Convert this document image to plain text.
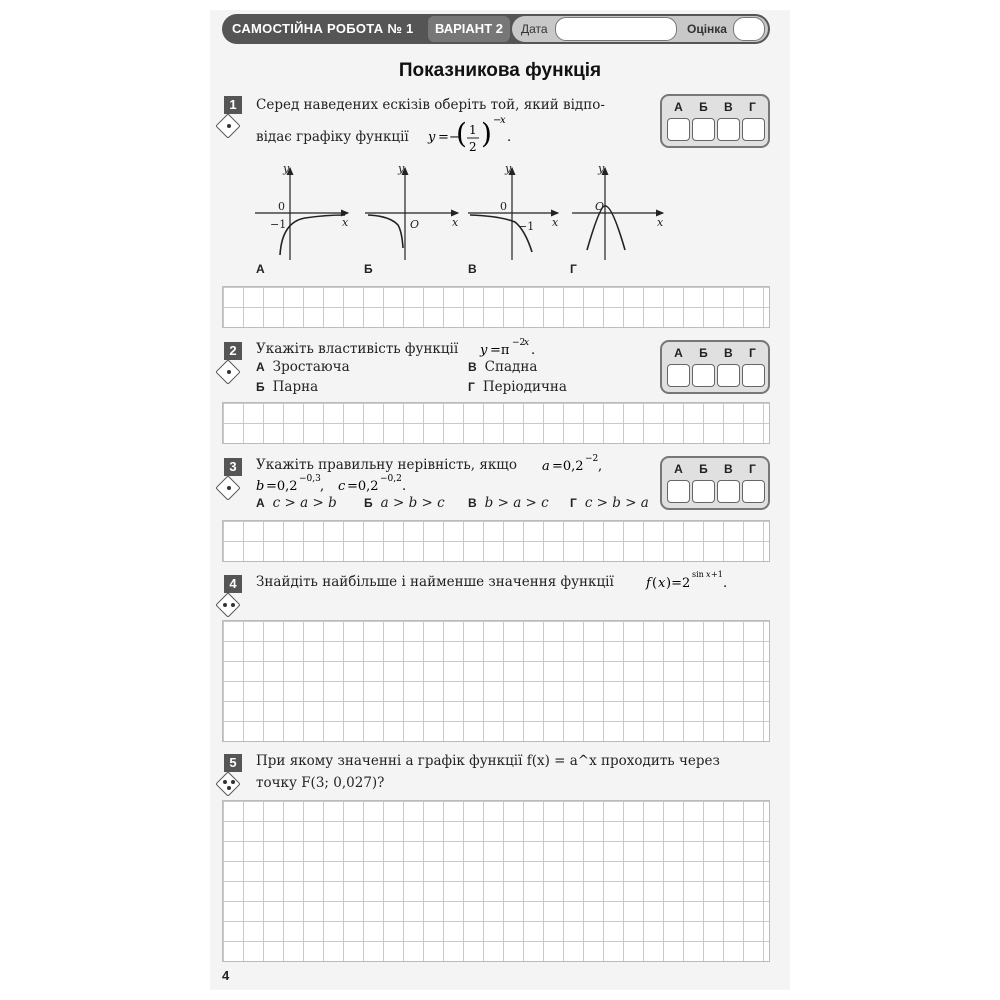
САМОСТІЙНА РОБОТА № 1	ВАРІАНТ 2	Дата	Оцінка
Показникова функція
1	Серед наведених ескізів оберіть той, який відпо-
відає графіку функції y =−
( 1
2 ) −
x
.
А Б В Г
y
x
0
−1
y
x
O
y
x
0
−1
y
x
O
А	Б	В	Г
2	Укажіть властивість функції y =π −2
x .
А Зростаюча	В Спадна
Б Парна	Г Періодична
А Б В Г
3	Укажіть правильну нерівність, якщо a =0,2 −2 ,
b =0,2 −0,3 , c =0,2 −0,2 .
А c > a > b Б a > b > c В b > a > c Г c > b > a
А Б В Г
4	Знайдіть найбільше і найменше значення функції f ( x )=2
sin x +1
.
5	При якому значенні a графік функції f(x) = a^x проходить через
точку F(3; 0,027)?
4
